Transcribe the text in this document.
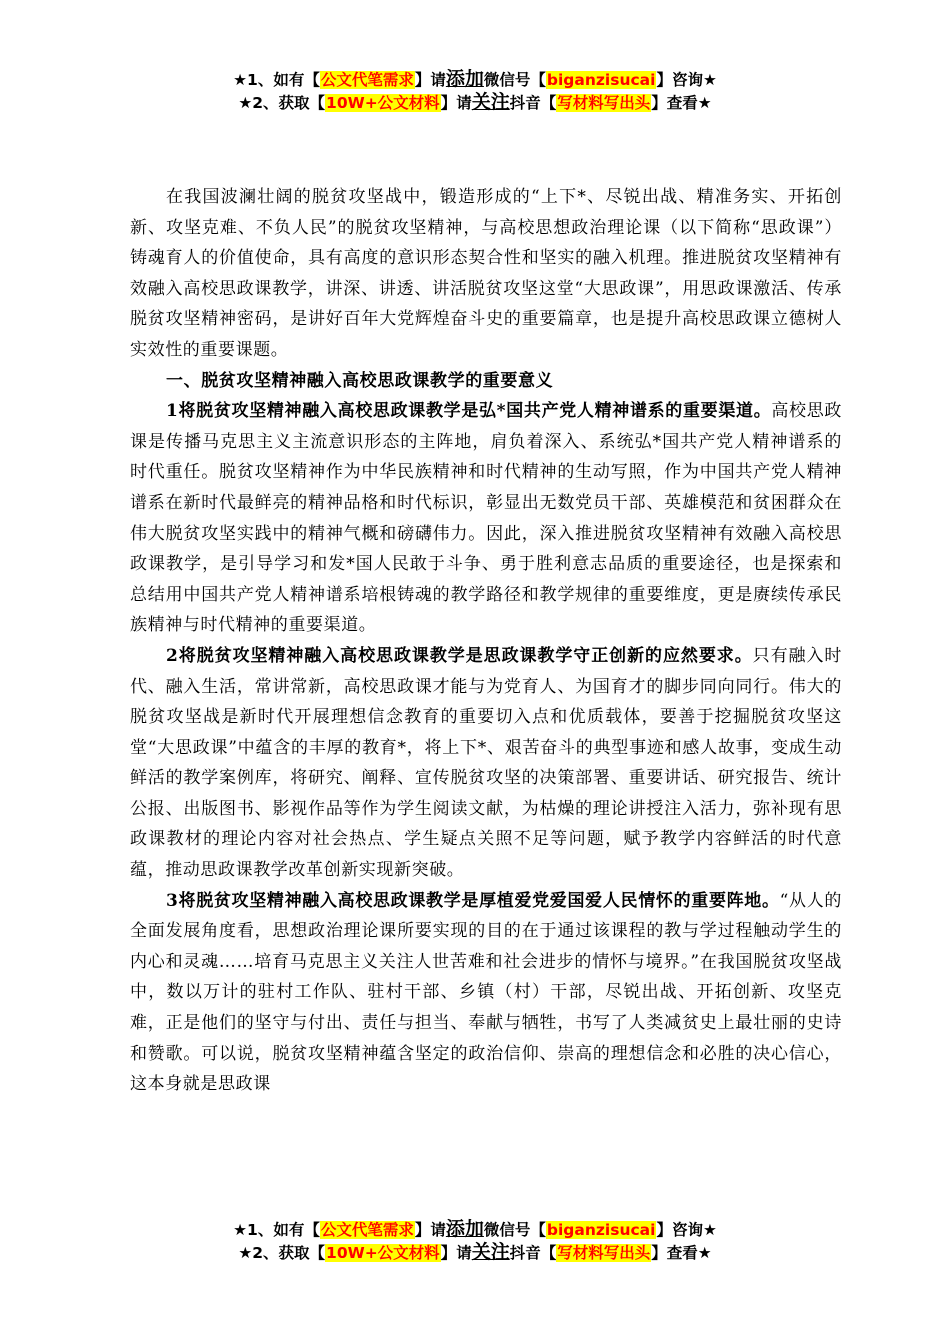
★1、如有【公文代笔需求】请添加微信号【biganzisucai】咨询★
★2、获取【10W+公文材料】请关注抖音【写材料写出头】查看★

在我国波澜壮阔的脱贫攻坚战中，锻造形成的“上下*、尽锐出战、精准务实、开拓创新、攻坚克难、不负人民”的脱贫攻坚精神，与高校思想政治理论课（以下简称“思政课”）铸魂育人的价值使命，具有高度的意识形态契合性和坚实的融入机理。推进脱贫攻坚精神有效融入高校思政课教学，讲深、讲透、讲活脱贫攻坚这堂“大思政课”，用思政课激活、传承脱贫攻坚精神密码，是讲好百年大党辉煌奋斗史的重要篇章，也是提升高校思政课立德树人实效性的重要课题。

一、脱贫攻坚精神融入高校思政课教学的重要意义

1将脱贫攻坚精神融入高校思政课教学是弘*国共产党人精神谱系的重要渠道。高校思政课是传播马克思主义主流意识形态的主阵地，肩负着深入、系统弘*国共产党人精神谱系的时代重任。脱贫攻坚精神作为中华民族精神和时代精神的生动写照，作为中国共产党人精神谱系在新时代最鲜亮的精神品格和时代标识，彰显出无数党员干部、英雄模范和贫困群众在伟大脱贫攻坚实践中的精神气概和磅礴伟力。因此，深入推进脱贫攻坚精神有效融入高校思政课教学，是引导学习和发*国人民敢于斗争、勇于胜利意志品质的重要途径，也是探索和总结用中国共产党人精神谱系培根铸魂的教学路径和教学规律的重要维度，更是赓续传承民族精神与时代精神的重要渠道。

2将脱贫攻坚精神融入高校思政课教学是思政课教学守正创新的应然要求。只有融入时代、融入生活，常讲常新，高校思政课才能与为党育人、为国育才的脚步同向同行。伟大的脱贫攻坚战是新时代开展理想信念教育的重要切入点和优质载体，要善于挖掘脱贫攻坚这堂“大思政课”中蕴含的丰厚的教育*，将上下*、艰苦奋斗的典型事迹和感人故事，变成生动鲜活的教学案例库，将研究、阐释、宣传脱贫攻坚的决策部署、重要讲话、研究报告、统计公报、出版图书、影视作品等作为学生阅读文献，为枯燥的理论讲授注入活力，弥补现有思政课教材的理论内容对社会热点、学生疑点关照不足等问题，赋予教学内容鲜活的时代意蕴，推动思政课教学改革创新实现新突破。

3将脱贫攻坚精神融入高校思政课教学是厚植爱党爱国爱人民情怀的重要阵地。“从人的全面发展角度看，思想政治理论课所要实现的目的在于通过该课程的教与学过程触动学生的内心和灵魂……培育马克思主义关注人世苦难和社会进步的情怀与境界。”在我国脱贫攻坚战中，数以万计的驻村工作队、驻村干部、乡镇（村）干部，尽锐出战、开拓创新、攻坚克难，正是他们的坚守与付出、责任与担当、奉献与牺牲，书写了人类减贫史上最壮丽的史诗和赞歌。可以说，脱贫攻坚精神蕴含坚定的政治信仰、崇高的理想信念和必胜的决心信心，这本身就是思政课

★1、如有【公文代笔需求】请添加微信号【biganzisucai】咨询★
★2、获取【10W+公文材料】请关注抖音【写材料写出头】查看★
